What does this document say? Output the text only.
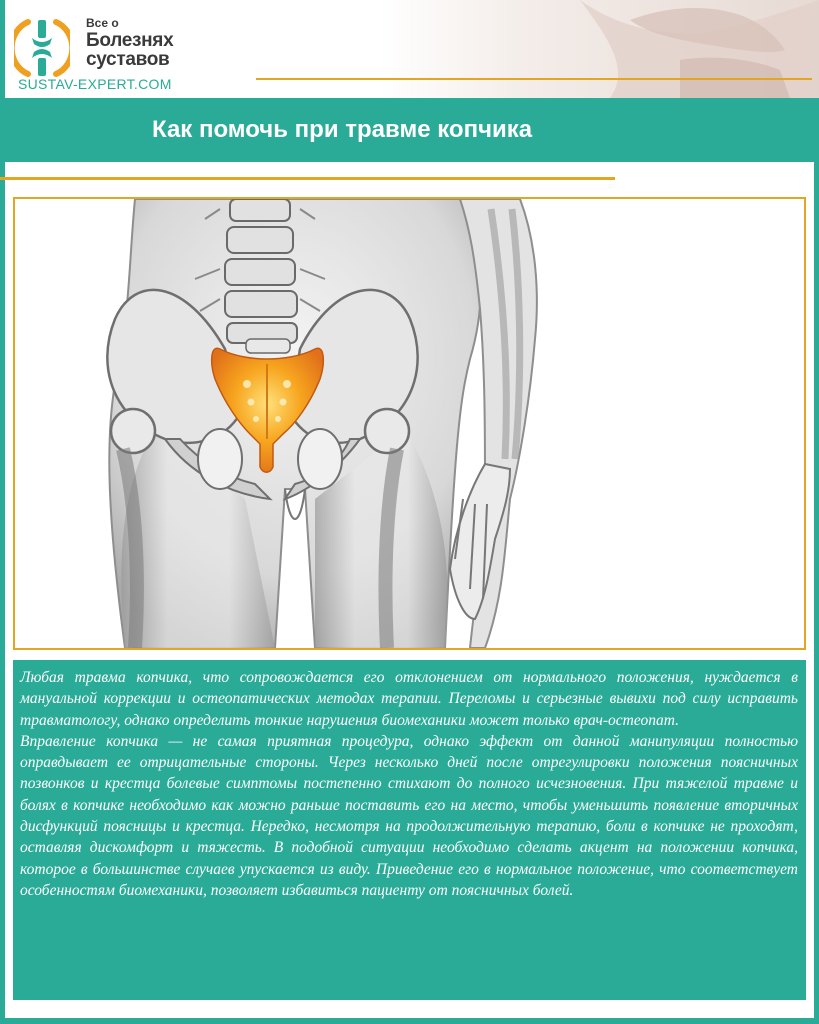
Все о
Болезнях
суставов
SUSTAV-EXPERT.COM
Как помочь при травме копчика

Любая травма копчика, что сопровождается его отклонением от нормального положения, нуждается в мануальной коррекции и остеопатических методах терапии. Переломы и серьезные вывихи под силу исправить травматологу, однако определить тонкие нарушения биомеханики может только врач-остеопат.

Вправление копчика — не самая приятная процедура, однако эффект от данной манипуляции полностью оправдывает ее отрицательные стороны. Через несколько дней после отрегулировки положения поясничных позвонков и крестца болевые симптомы постепенно стихают до полного исчезновения. При тяжелой травме и болях в копчике необходимо как можно раньше поставить его на место, чтобы уменьшить появление вторичных дисфункций поясницы и крестца. Нередко, несмотря на продолжительную терапию, боли в копчике не проходят, оставляя дискомфорт и тяжесть. В подобной ситуации необходимо сделать акцент на положении копчика, которое в большинстве случаев упускается из виду. Приведение его в нормальное положение, что соответствует особенностям биомеханики, позволяет избавиться пациенту от поясничных болей.
